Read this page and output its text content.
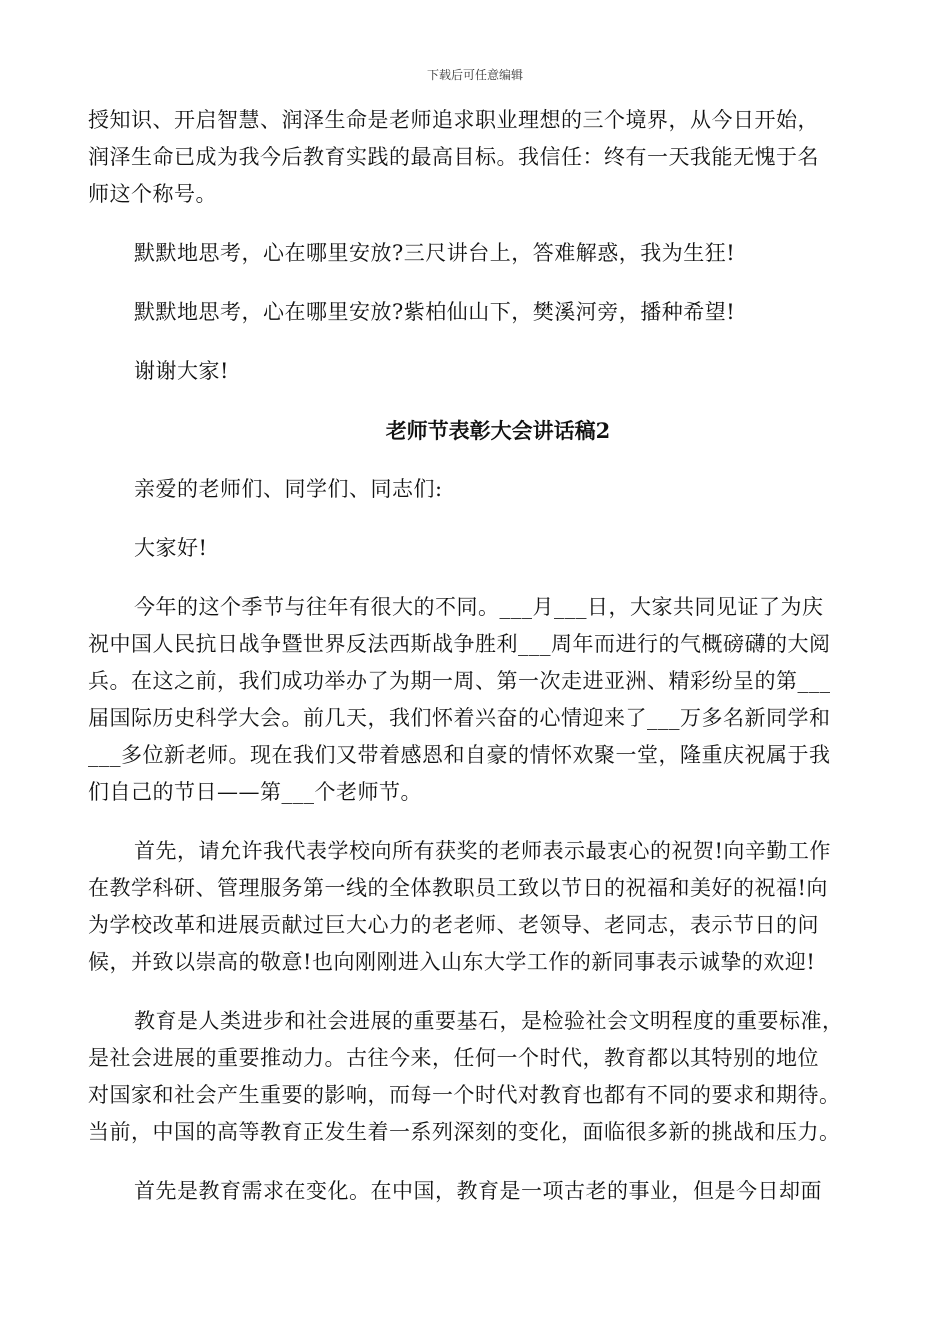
下载后可任意编辑

授知识、开启智慧、润泽生命是老师追求职业理想的三个境界，从今日开始，
润泽生命已成为我今后教育实践的最高目标。我信任：终有一天我能无愧于名
师这个称号。

默默地思考，心在哪里安放?三尺讲台上，答难解惑，我为生狂!

默默地思考，心在哪里安放?紫柏仙山下，樊溪河旁，播种希望!

谢谢大家!

老师节表彰大会讲话稿2

亲爱的老师们、同学们、同志们:

大家好!

今年的这个季节与往年有很大的不同。___月___日，大家共同见证了为庆
祝中国人民抗日战争暨世界反法西斯战争胜利___周年而进行的气概磅礴的大阅
兵。在这之前，我们成功举办了为期一周、第一次走进亚洲、精彩纷呈的第___
届国际历史科学大会。前几天，我们怀着兴奋的心情迎来了___万多名新同学和
___多位新老师。现在我们又带着感恩和自豪的情怀欢聚一堂，隆重庆祝属于我
们自己的节日——第___个老师节。

首先，请允许我代表学校向所有获奖的老师表示最衷心的祝贺!向辛勤工作
在教学科研、管理服务第一线的全体教职员工致以节日的祝福和美好的祝福!向
为学校改革和进展贡献过巨大心力的老老师、老领导、老同志，表示节日的问
候，并致以崇高的敬意!也向刚刚进入山东大学工作的新同事表示诚挚的欢迎!

教育是人类进步和社会进展的重要基石，是检验社会文明程度的重要标准，
是社会进展的重要推动力。古往今来，任何一个时代，教育都以其特别的地位
对国家和社会产生重要的影响，而每一个时代对教育也都有不同的要求和期待。
当前，中国的高等教育正发生着一系列深刻的变化，面临很多新的挑战和压力。

首先是教育需求在变化。在中国，教育是一项古老的事业，但是今日却面
